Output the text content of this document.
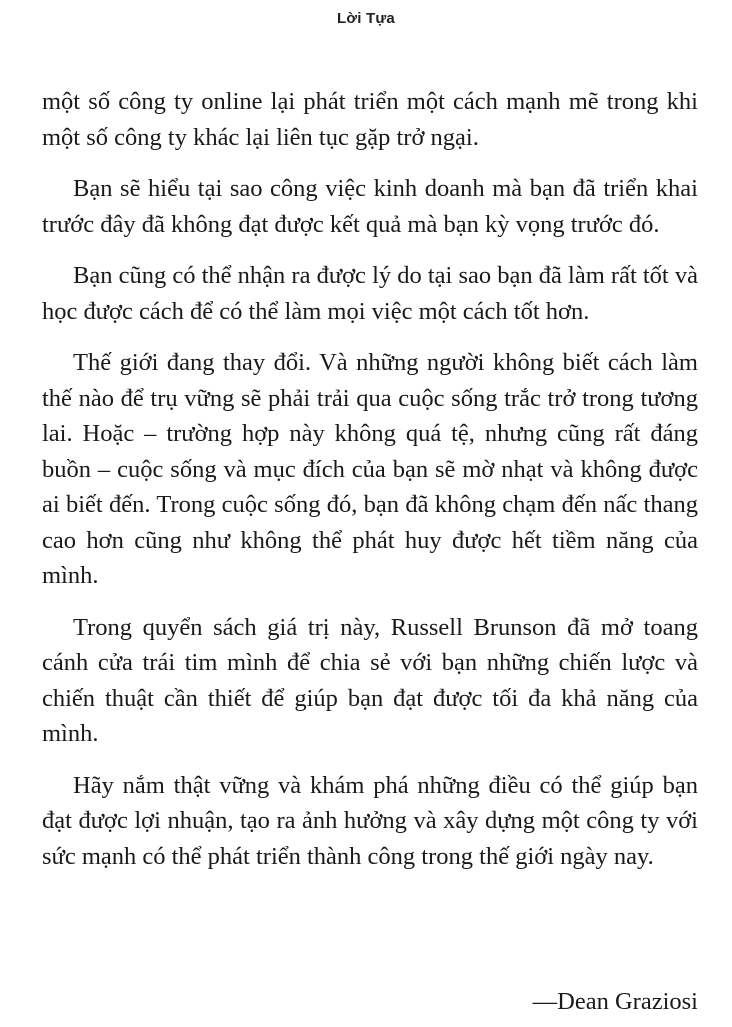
Lời Tựa

một số công ty online lại phát triển một cách mạnh mẽ trong khi một số công ty khác lại liên tục gặp trở ngại.

Bạn sẽ hiểu tại sao công việc kinh doanh mà bạn đã triển khai trước đây đã không đạt được kết quả mà bạn kỳ vọng trước đó.

Bạn cũng có thể nhận ra được lý do tại sao bạn đã làm rất tốt và học được cách để có thể làm mọi việc một cách tốt hơn.

Thế giới đang thay đổi. Và những người không biết cách làm thế nào để trụ vững sẽ phải trải qua cuộc sống trắc trở trong tương lai. Hoặc – trường hợp này không quá tệ, nhưng cũng rất đáng buồn – cuộc sống và mục đích của bạn sẽ mờ nhạt và không được ai biết đến. Trong cuộc sống đó, bạn đã không chạm đến nấc thang cao hơn cũng như không thể phát huy được hết tiềm năng của mình.

Trong quyển sách giá trị này, Russell Brunson đã mở toang cánh cửa trái tim mình để chia sẻ với bạn những chiến lược và chiến thuật cần thiết để giúp bạn đạt được tối đa khả năng của mình.

Hãy nắm thật vững và khám phá những điều có thể giúp bạn đạt được lợi nhuận, tạo ra ảnh hưởng và xây dựng một công ty với sức mạnh có thể phát triển thành công trong thế giới ngày nay.

—Dean Graziosi
